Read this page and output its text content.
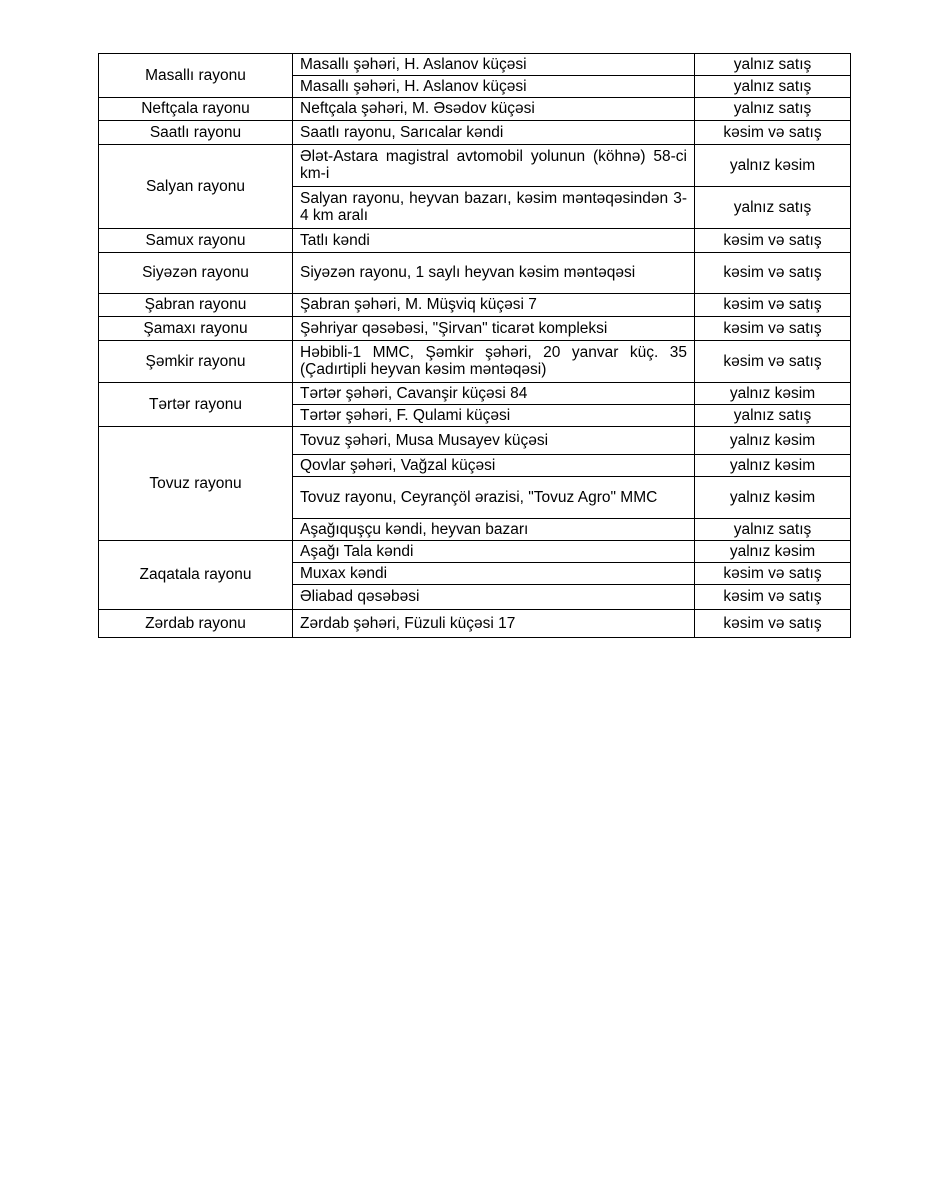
Masallı rayonu	Masallı şəhəri, H. Aslanov küçəsi	yalnız satış
	Masallı şəhəri, H. Aslanov küçəsi	yalnız satış
Neftçala rayonu	Neftçala şəhəri, M. Əsədov küçəsi	yalnız satış
Saatlı rayonu	Saatlı rayonu, Sarıcalar kəndi	kəsim və satış
Salyan rayonu	Ələt-Astara magistral avtomobil yolunun (köhnə) 58-ci km-i	yalnız kəsim
	Salyan rayonu, heyvan bazarı, kəsim məntəqəsindən 3-4 km aralı	yalnız satış
Samux rayonu	Tatlı kəndi	kəsim və satış
Siyəzən rayonu	Siyəzən rayonu, 1 saylı heyvan kəsim məntəqəsi	kəsim və satış
Şabran rayonu	Şabran şəhəri, M. Müşviq küçəsi 7	kəsim və satış
Şamaxı rayonu	Şəhriyar qəsəbəsi, "Şirvan" ticarət kompleksi	kəsim və satış
Şəmkir rayonu	Həbibli-1 MMC, Şəmkir şəhəri, 20 yanvar küç. 35 (Çadırtipli heyvan kəsim məntəqəsi)	kəsim və satış
Tərtər rayonu	Tərtər şəhəri, Cavanşir küçəsi 84	yalnız kəsim
	Tərtər şəhəri, F. Qulami küçəsi	yalnız satış
Tovuz rayonu	Tovuz şəhəri, Musa Musayev küçəsi	yalnız kəsim
	Qovlar şəhəri, Vağzal küçəsi	yalnız kəsim
	Tovuz rayonu, Ceyrançöl ərazisi, "Tovuz Agro" MMC	yalnız kəsim
	Aşağıquşçu kəndi, heyvan bazarı	yalnız satış
Zaqatala rayonu	Aşağı Tala kəndi	yalnız kəsim
	Muxax kəndi	kəsim və satış
	Əliabad qəsəbəsi	kəsim və satış
Zərdab rayonu	Zərdab şəhəri, Füzuli küçəsi 17	kəsim və satış
